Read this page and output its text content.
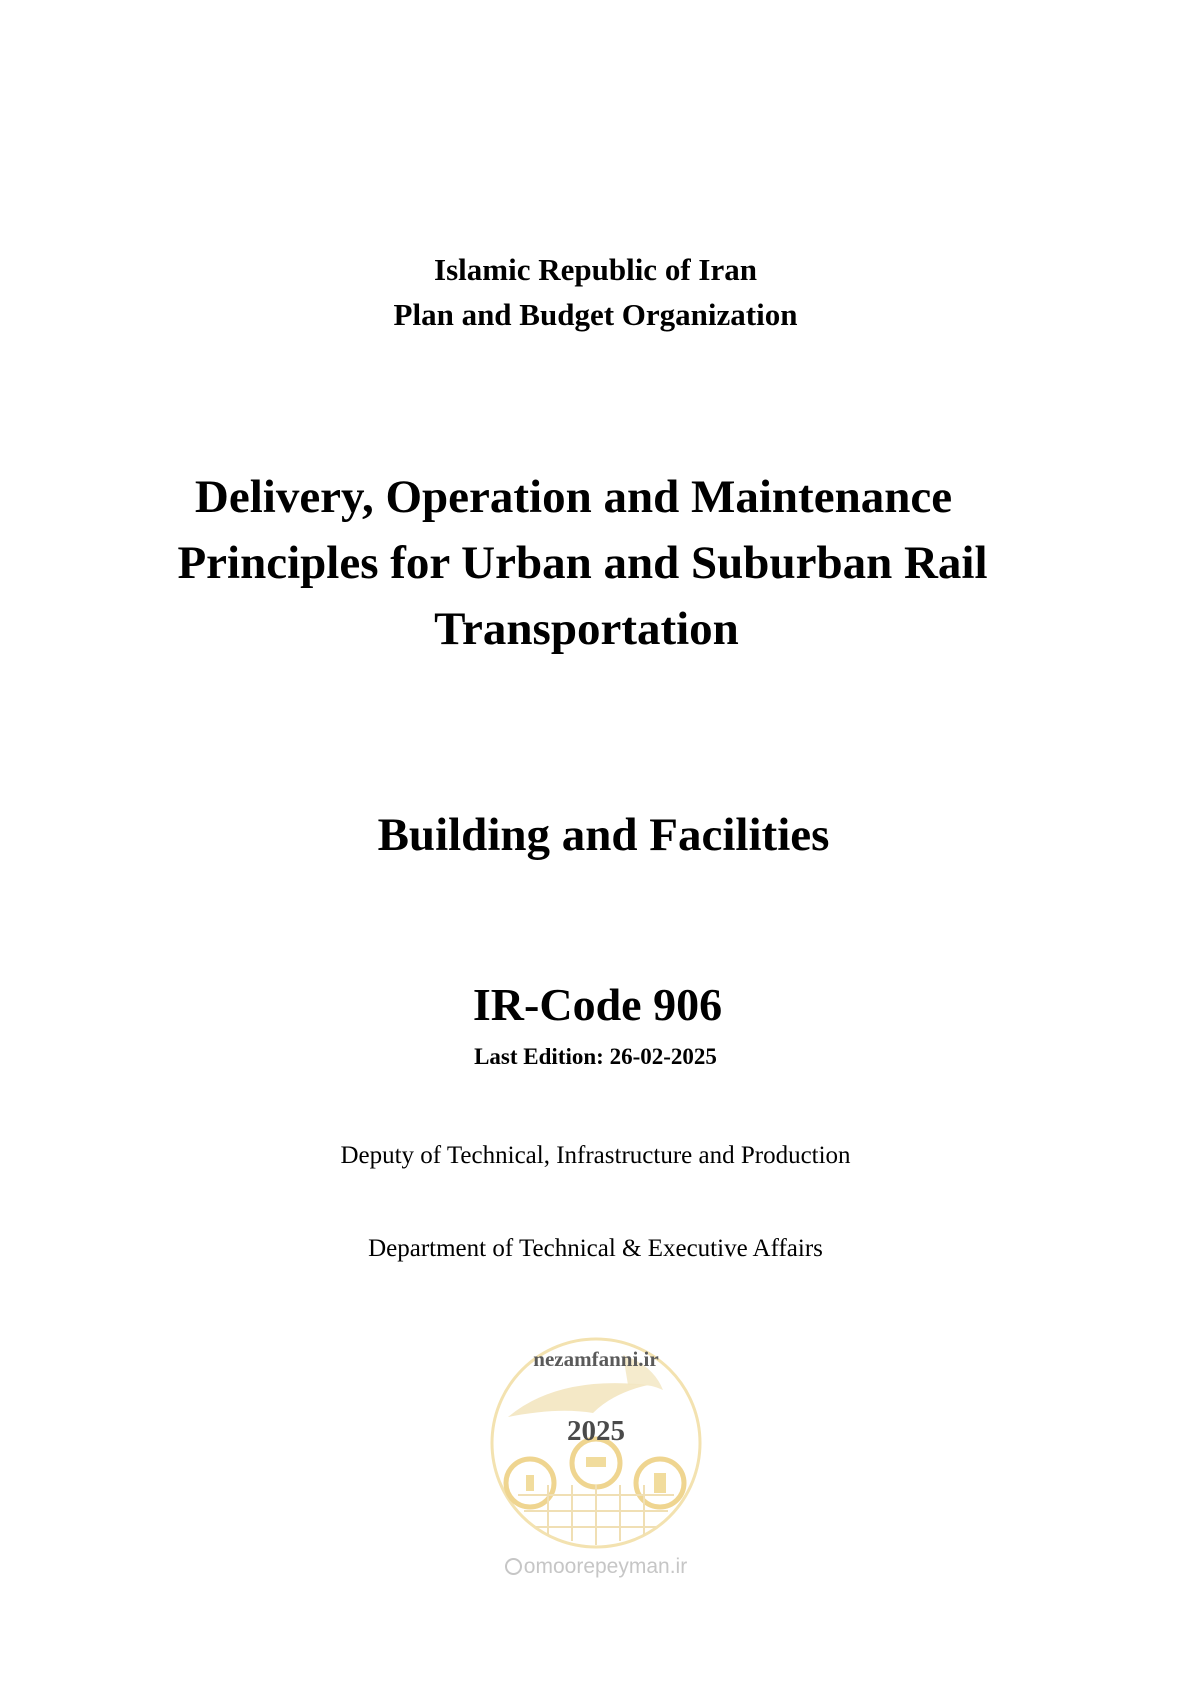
Islamic Republic of Iran
Plan and Budget Organization
Delivery, Operation and Maintenance
Principles for Urban and Suburban Rail
Transportation
Building and Facilities
IR-Code 906
Last Edition: 26-02-2025
Deputy of Technical, Infrastructure and Production
Department of Technical & Executive Affairs
nezamfanni.ir
2025
omoorepeyman.ir
